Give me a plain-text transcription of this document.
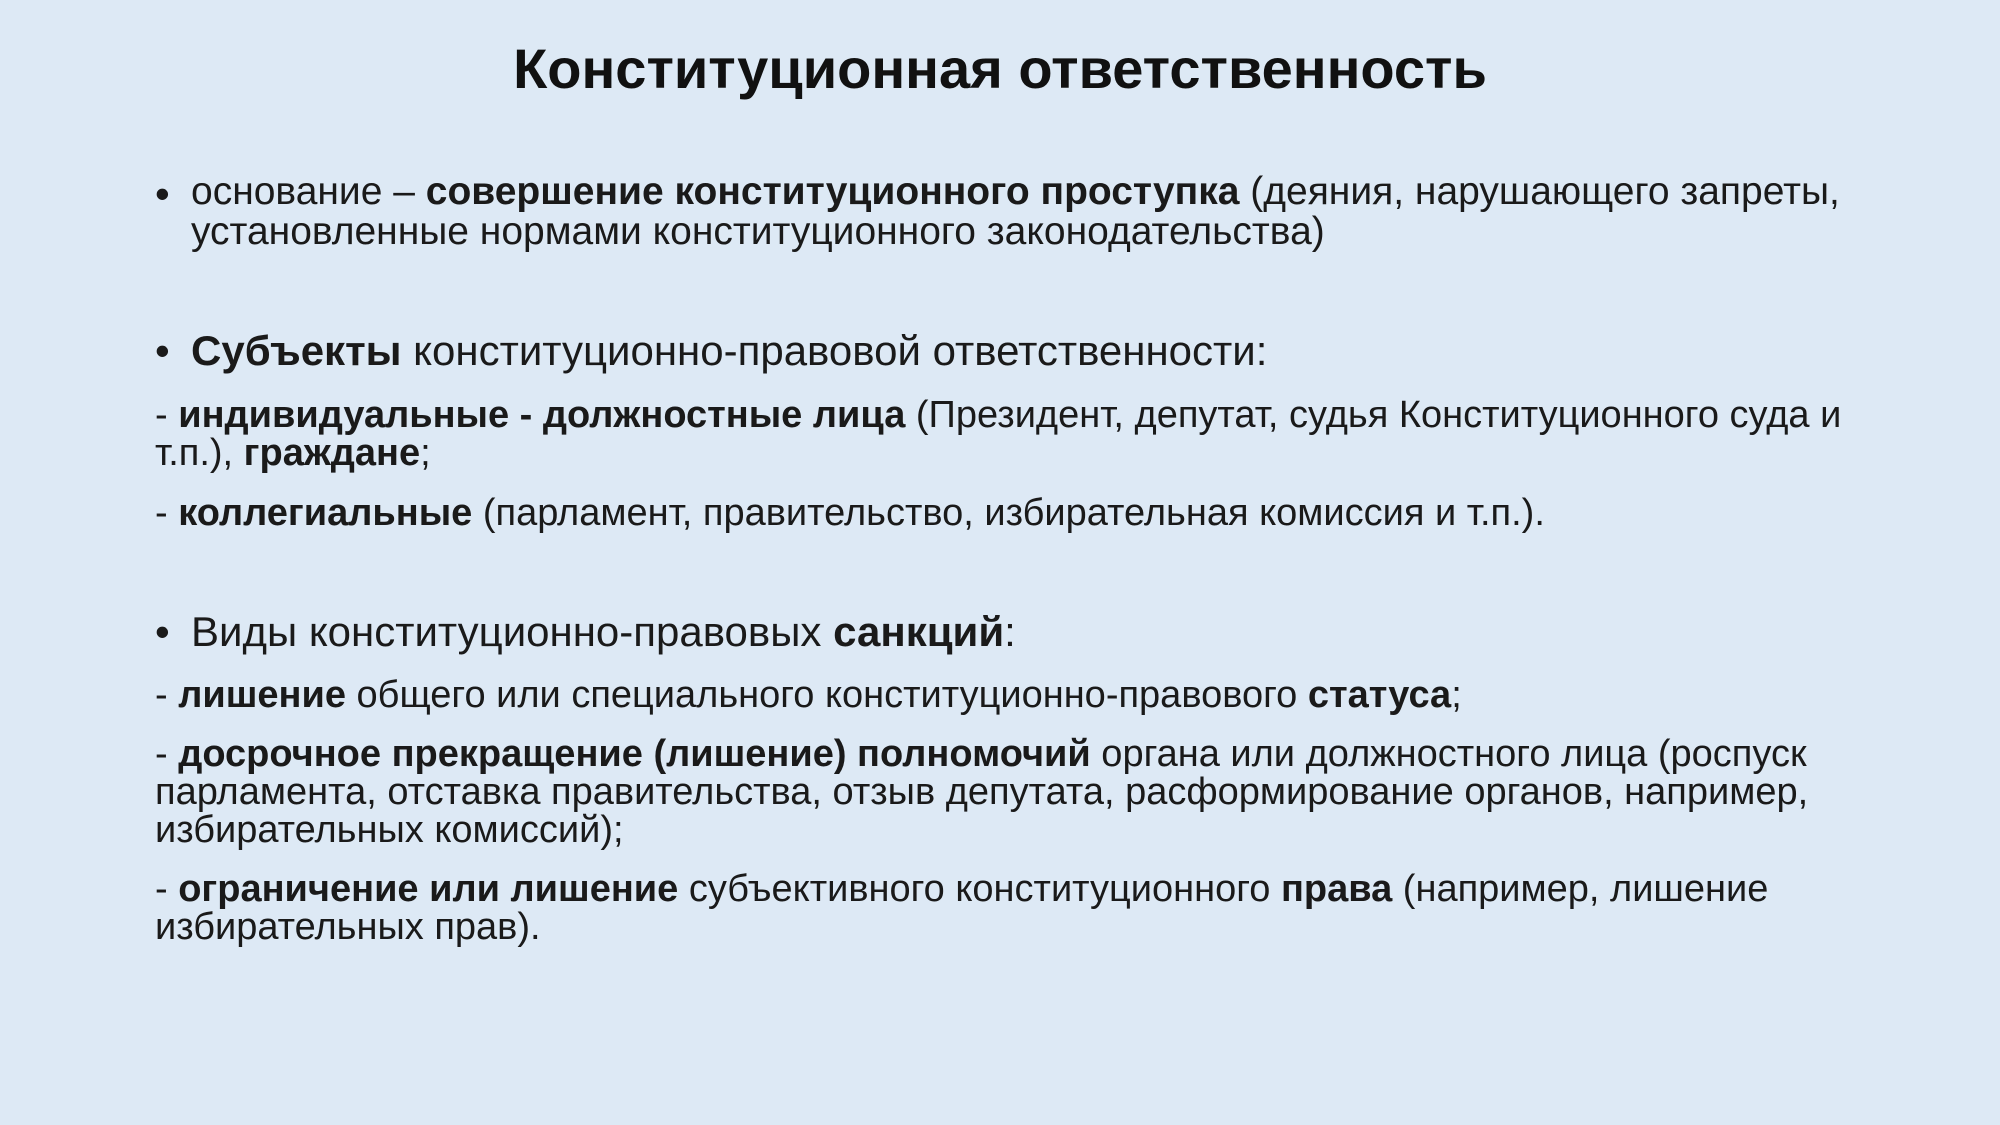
Конституционная ответственность
• основание – совершение конституционного проступка (деяния, нарушающего запреты, установленные нормами конституционного законодательства)
• Субъекты конституционно-правовой ответственности:
- индивидуальные - должностные лица (Президент, депутат, судья Конституционного суда и т.п.), граждане;
- коллегиальные (парламент, правительство, избирательная комиссия и т.п.).
• Виды конституционно-правовых санкций:
- лишение общего или специального конституционно-правового статуса;
- досрочное прекращение (лишение) полномочий органа или должностного лица (роспуск парламента, отставка правительства, отзыв депутата, расформирование органов, например, избирательных комиссий);
- ограничение или лишение субъективного конституционного права (например, лишение избирательных прав).
